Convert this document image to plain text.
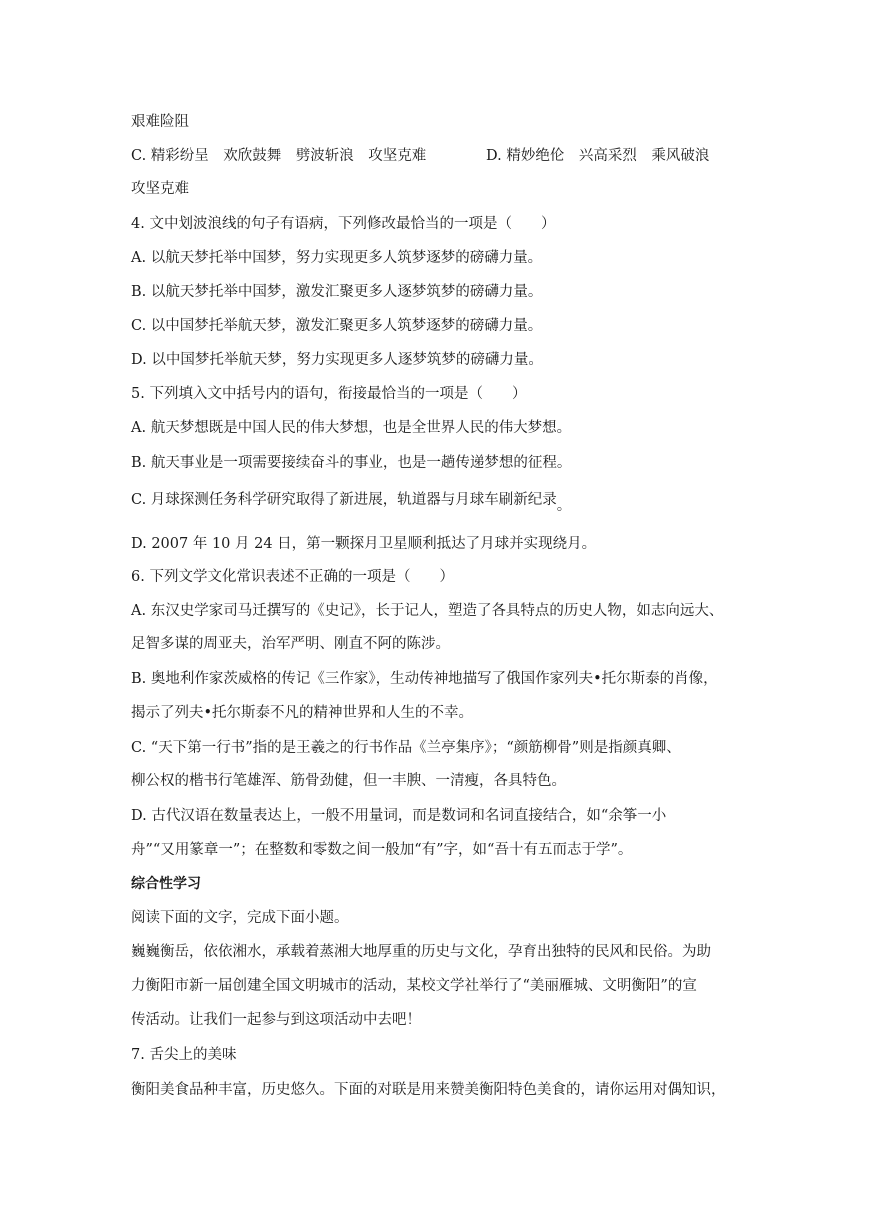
艰难险阻
C. 精彩纷呈　欢欣鼓舞　劈波斩浪　攻坚克难	D. 精妙绝伦　兴高采烈　乘风破浪
攻坚克难
4. 文中划波浪线的句子有语病，下列修改最恰当的一项是（　　）
A. 以航天梦托举中国梦，努力实现更多人筑梦逐梦的磅礴力量。
B. 以航天梦托举中国梦，激发汇聚更多人逐梦筑梦的磅礴力量。
C. 以中国梦托举航天梦，激发汇聚更多人筑梦逐梦的磅礴力量。
D. 以中国梦托举航天梦，努力实现更多人逐梦筑梦的磅礴力量。
5. 下列填入文中括号内的语句，衔接最恰当的一项是（　　）
A. 航天梦想既是中国人民的伟大梦想，也是全世界人民的伟大梦想。
B. 航天事业是一项需要接续奋斗的事业，也是一趟传递梦想的征程。
C. 月球探测任务科学研究取得了新进展，轨道器与月球车刷新纪录。
D. 2007 年 10 月 24 日，第一颗探月卫星顺利抵达了月球并实现绕月。
6. 下列文学文化常识表述不正确的一项是（　　）
A. 东汉史学家司马迁撰写的《史记》，长于记人，塑造了各具特点的历史人物，如志向远大、
足智多谋的周亚夫，治军严明、刚直不阿的陈涉。
B. 奥地利作家茨威格的传记《三作家》，生动传神地描写了俄国作家列夫•托尔斯泰的肖像，
揭示了列夫•托尔斯泰不凡的精神世界和人生的不幸。
C. “天下第一行书”指的是王羲之的行书作品《兰亭集序》；“颜筋柳骨”则是指颜真卿、
柳公权的楷书行笔雄浑、筋骨劲健，但一丰腴、一清瘦，各具特色。
D. 古代汉语在数量表达上，一般不用量词，而是数词和名词直接结合，如“余筝一小
舟”“又用篆章一”；在整数和零数之间一般加“有”字，如“吾十有五而志于学”。
综合性学习
阅读下面的文字，完成下面小题。
巍巍衡岳，依依湘水，承载着蒸湘大地厚重的历史与文化，孕育出独特的民风和民俗。为助
力衡阳市新一届创建全国文明城市的活动，某校文学社举行了“美丽雁城、文明衡阳”的宣
传活动。让我们一起参与到这项活动中去吧！
7. 舌尖上的美味
衡阳美食品种丰富，历史悠久。下面的对联是用来赞美衡阳特色美食的，请你运用对偶知识，
